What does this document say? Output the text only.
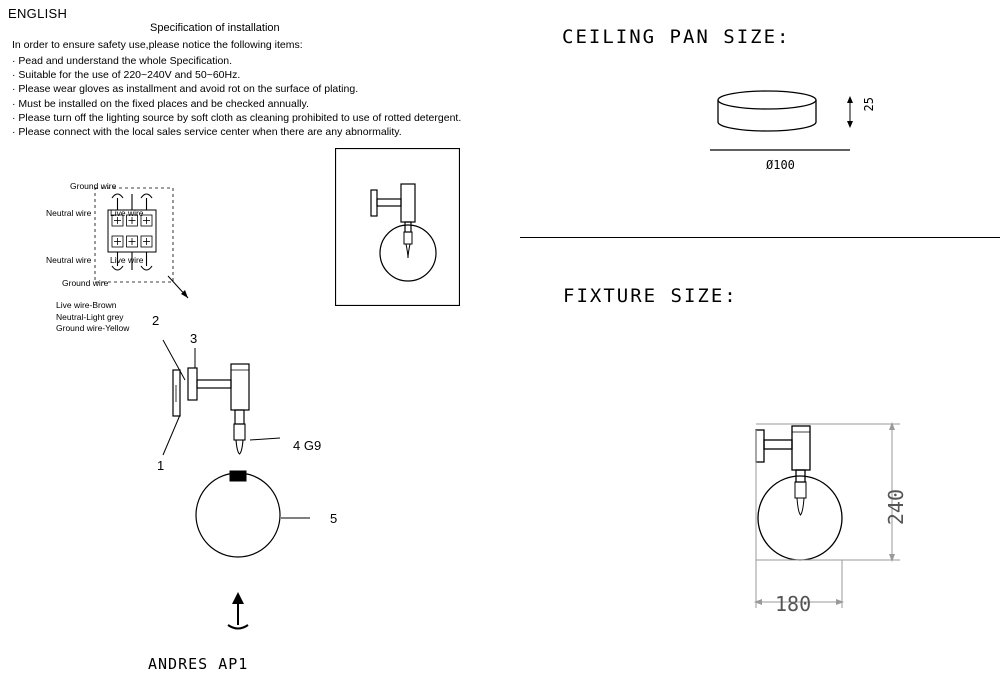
ENGLISH
Specification of installation
In order to ensure safety use,please notice the following items:
· Pead and understand the whole Specification.
· Suitable for the use of 220~240V and 50~60Hz.
· Please wear gloves as installment and avoid rot on the surface of plating.
· Must be installed on the fixed places and be checked annually.
· Please turn off the lighting source by soft cloth as cleaning prohibited to use of rotted detergent.
· Please connect with the local sales service center when there are any abnormality.
Ground wire
Neutral wire Live wire
Neutral wire Live wire
Ground wire
Live wire-Brown
Neutral-Light grey
Ground wire-Yellow 2
3
1
4 G9
5
ANDRES AP1
CEILING PAN SIZE:
25
Ø100
FIXTURE SIZE:
240
180
